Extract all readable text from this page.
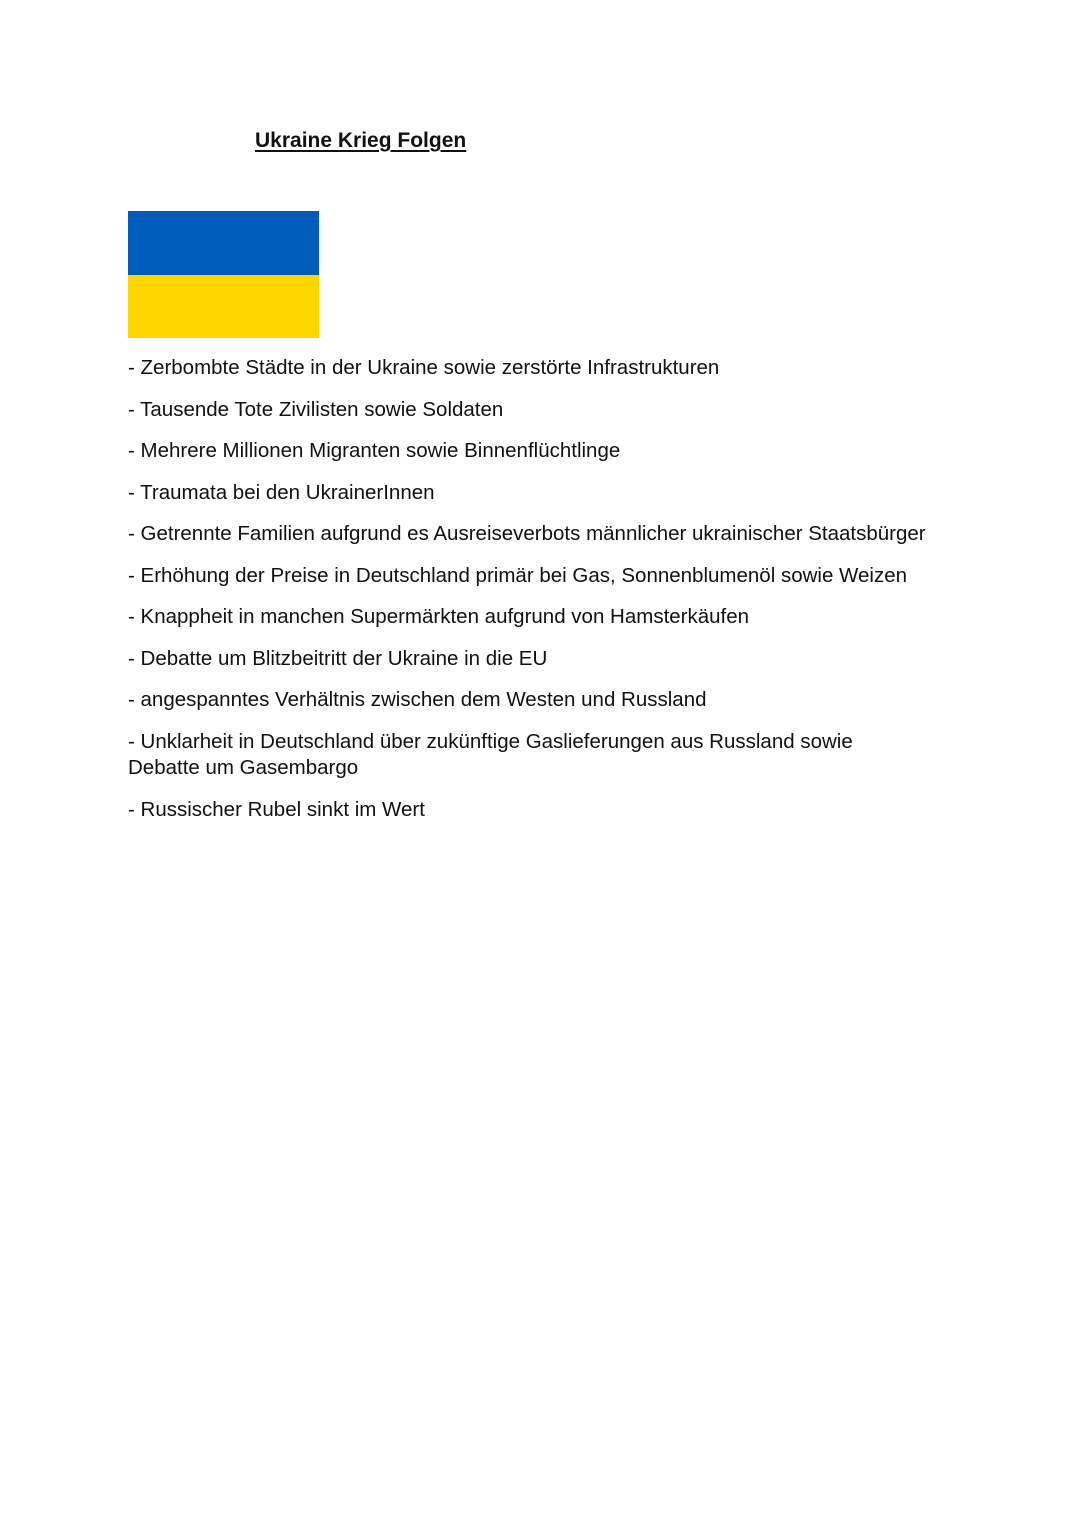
Ukraine Krieg Folgen
- Zerbombte Städte in der Ukraine sowie zerstörte Infrastrukturen
- Tausende Tote Zivilisten sowie Soldaten
- Mehrere Millionen Migranten sowie Binnenflüchtlinge
- Traumata bei den UkrainerInnen
- Getrennte Familien aufgrund es Ausreiseverbots männlicher ukrainischer Staatsbürger
- Erhöhung der Preise in Deutschland primär bei Gas, Sonnenblumenöl sowie Weizen
- Knappheit in manchen Supermärkten aufgrund von Hamsterkäufen
- Debatte um Blitzbeitritt der Ukraine in die EU
- angespanntes Verhältnis zwischen dem Westen und Russland
- Unklarheit in Deutschland über zukünftige Gaslieferungen aus Russland sowie Debatte um Gasembargo
- Russischer Rubel sinkt im Wert
